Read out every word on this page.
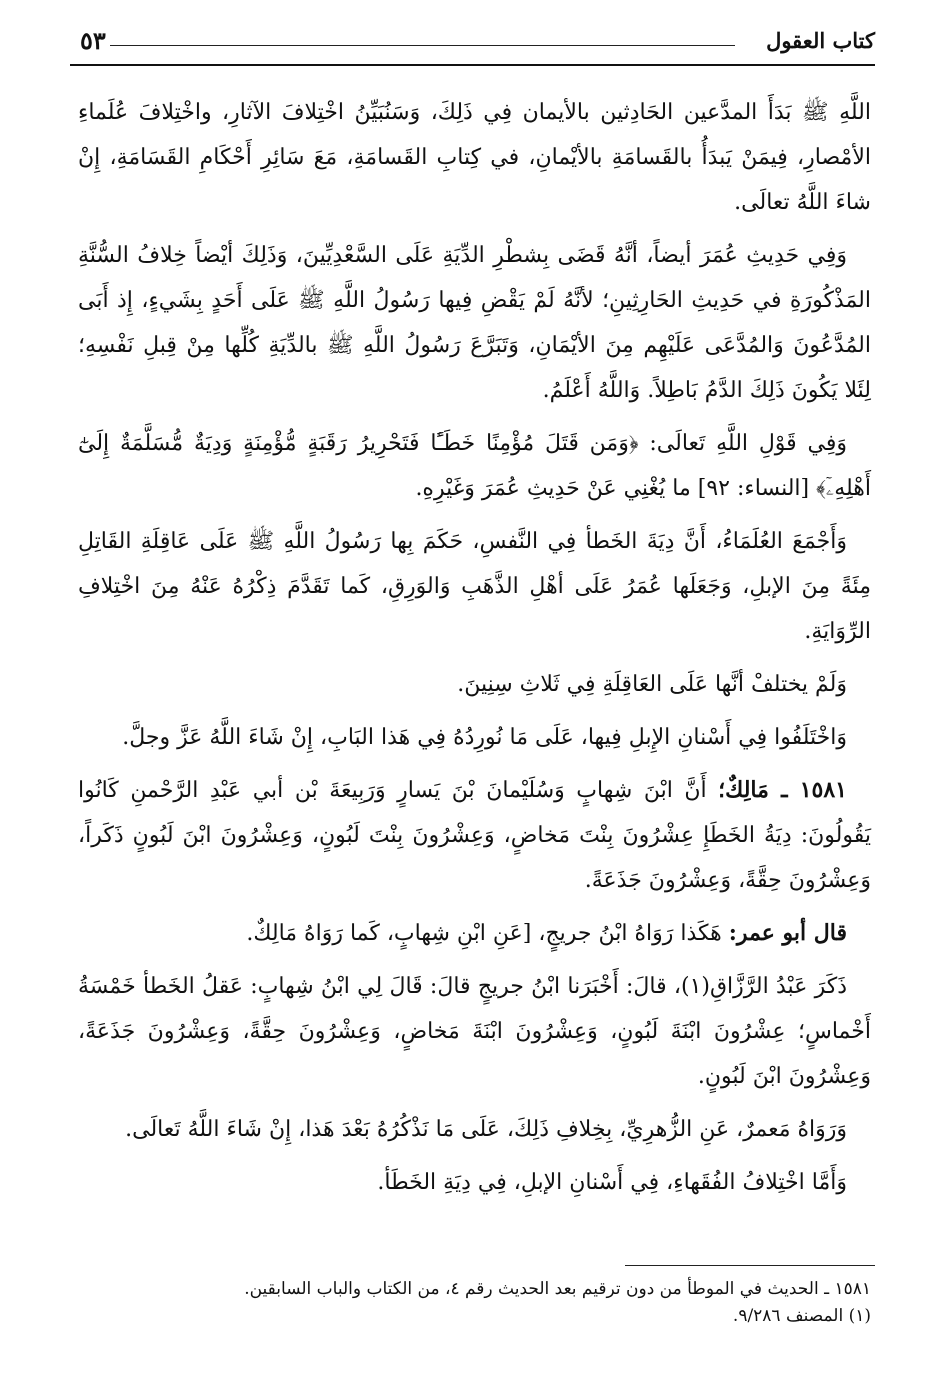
٥٣	كتاب العقول

اللَّهِ ﷺ بَدَأَ المدَّعين الحَادِثين بالأيمان فِي ذَلِكَ، وَسَنُبَيِّنُ اخْتِلافَ الآثارِ، واخْتِلافَ عُلَماءِ الأمْصارِ، فِيمَنْ يَبدَأُ بالقَسامَةِ بالأيْمانِ، في كِتابِ القَسامَةِ، مَعَ سَائِرِ أَحْكَامِ القَسَامَةِ، إِنْ شاءَ اللَّهُ تعالَى.

وَفِي حَدِيثِ عُمَرَ أيضاً، أنَّهُ قَضَى بِشطْرِ الدِّيَةِ عَلَى السَّعْدِيِّينَ، وَذَلِكَ أيْضاً خِلافُ السُّنَّةِ المَذْكُورَةِ في حَدِيثِ الحَارِثِينِ؛ لأنَّهُ لَمْ يَقْضِ فِيها رَسُولُ اللَّهِ ﷺ عَلَى أَحَدٍ بِشَيءٍ، إِذ أَبَى المُدَّعُونَ وَالمُدَّعَى عَلَيْهِم مِنَ الأيْمَانِ، وَتَبَرَّعَ رَسُولُ اللَّهِ ﷺ بالدِّيَةِ كُلِّها مِنْ قِبلِ نَفْسِهِ؛ لِئَلا يَكُونَ ذَلِكَ الدَّمُ بَاطِلاً. وَاللَّهُ أَعْلَمُ.

وَفِي قَوْلِ اللَّهِ تَعالَى: ﴿وَمَن قَتَلَ مُؤْمِنًا خَطَـًٔا فَتَحْرِيرُ رَقَبَةٍ مُّؤْمِنَةٍ وَدِيَةٌ مُّسَلَّمَةٌ إِلَىٰٓ أَهْلِهِۦٓ﴾ [النساء: ٩٢] ما يُغْنِي عَنْ حَدِيثِ عُمَرَ وَغَيْرِهِ.

وَأَجْمَعَ العُلَمَاءُ، أَنَّ دِيَةَ الخَطأ فِي النَّفسِ، حَكَمَ بِها رَسُولُ اللَّهِ ﷺ عَلَى عَاقِلَةِ القَاتِلِ مِئَةً مِنَ الإبلِ، وَجَعَلَها عُمَرُ عَلَى أهْلِ الذَّهَبِ وَالوَرِقِ، كَما تَقَدَّمَ ذِكْرُهُ عَنْهُ مِنَ اخْتِلافِ الرِّوَايَةِ.

وَلَمْ يختلفْ أنَّها عَلَى العَاقِلَةِ فِي ثَلاثِ سِنِينَ.

وَاخْتَلَفُوا فِي أَسْنانِ الإِبلِ فِيها، عَلَى مَا نُورِدُهُ فِي هَذا البَابِ، إِنْ شَاءَ اللَّهُ عَزَّ وجلَّ.

١٥٨١ ـ مَالِكٌ؛ أَنَّ ابْنَ شِهابٍ وَسُلَيْمانَ بْنَ يَسارٍ وَرَبِيعَةَ بْن أبي عَبْدِ الرَّحْمنِ كَانُوا يَقُولُونَ: دِيَةُ الخَطَإِ عِشْرُونَ بِنْتَ مَخاضٍ، وَعِشْرُونَ بِنْتَ لَبُونٍ، وَعِشْرُونَ ابْنَ لَبُونٍ ذَكَراً، وَعِشْرُونَ حِقَّةً، وَعِشْرُونَ جَذَعَةً.

قال أبو عمر: هَكَذا رَوَاهُ ابْنُ جريجٍ، [عَنِ ابْنِ شِهابٍ، كَما رَوَاهُ مَالِكٌ.

ذَكَرَ عَبْدُ الرَّزَّاقِ(١)، قالَ: أَخْبَرَنا ابْنُ جريجٍ قالَ: قَالَ لِي ابْنُ شِهابٍ: عَقلُ الخَطأ خَمْسَةُ أَخْماسٍ؛ عِشْرُونَ ابْنَةَ لَبُونٍ، وَعِشْرُونَ ابْنَةَ مَخاضٍ، وَعِشْرُونَ حِقَّةً، وَعِشْرُونَ جَذَعَةً، وَعِشْرُونَ ابْنَ لَبُونٍ.

وَرَوَاهُ مَعمرٌ، عَنِ الزُّهرِيِّ، بِخِلافِ ذَلِكَ، عَلَى مَا نَذْكُرُهُ بَعْدَ هَذا، إِنْ شَاءَ اللَّهُ تَعالَى.

وَأَمَّا اخْتِلافُ الفُقَهاءِ، فِي أَسْنانِ الإبلِ، فِي دِيَةِ الخَطَأ.

١٥٨١ ـ الحديث في الموطأ من دون ترقيم بعد الحديث رقم ٤، من الكتاب والباب السابقين.

(١) المصنف ٩/٢٨٦.
